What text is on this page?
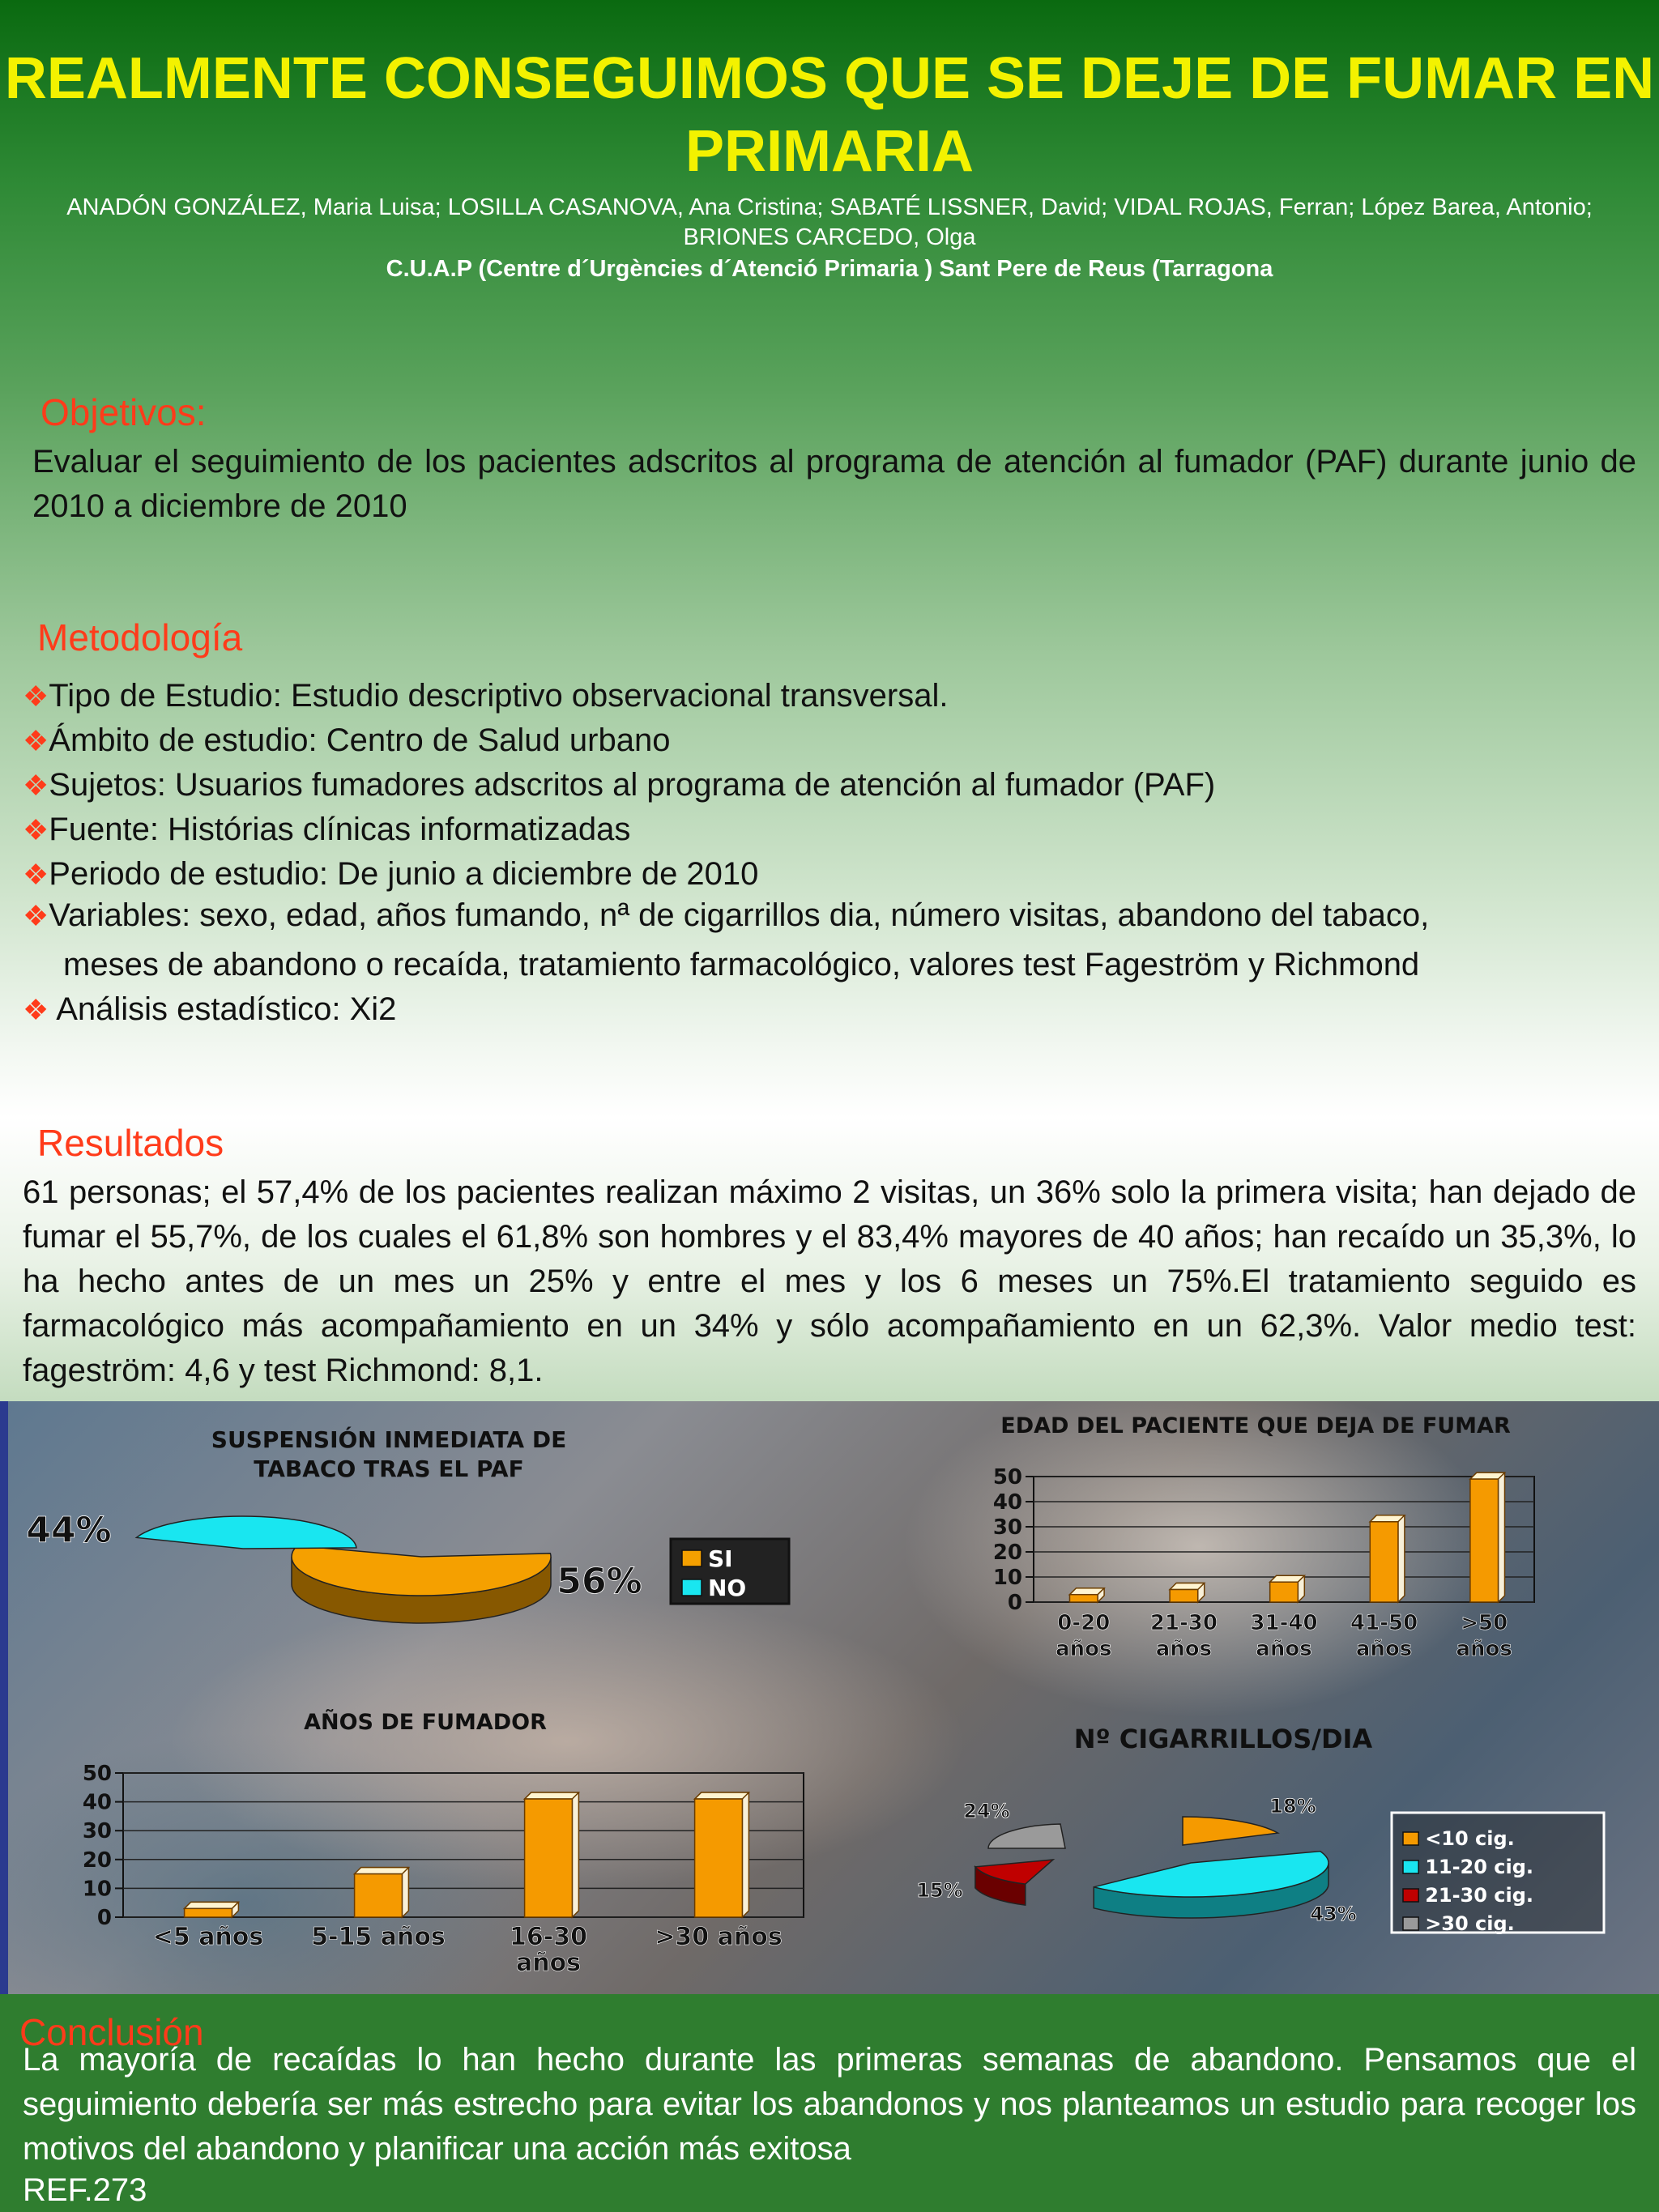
REALMENTE CONSEGUIMOS QUE SE DEJE DE FUMAR EN PRIMARIA
ANADÓN GONZÁLEZ, Maria Luisa; LOSILLA CASANOVA, Ana Cristina; SABATÉ LISSNER, David; VIDAL ROJAS, Ferran; López Barea, Antonio; BRIONES CARCEDO, Olga
C.U.A.P (Centre d´Urgències d´Atenció Primaria ) Sant Pere de Reus (Tarragona
Objetivos:
Evaluar el seguimiento de los pacientes adscritos al programa de atención al fumador (PAF) durante junio de 2010 a diciembre de 2010
Metodología
❖Tipo de Estudio: Estudio descriptivo observacional transversal.
❖Ámbito de estudio: Centro de Salud urbano
❖Sujetos: Usuarios fumadores adscritos al programa de atención al fumador (PAF)
❖Fuente: Histórias clínicas informatizadas
❖Periodo de estudio: De junio a diciembre de 2010
❖Variables: sexo, edad, años fumando, nª de cigarrillos dia, número visitas, abandono del tabaco,
meses de abandono o recaída, tratamiento farmacológico, valores test Fageström y Richmond
❖ Análisis estadístico: Xi2
Resultados
61 personas; el 57,4% de los pacientes realizan máximo 2 visitas, un 36% solo la primera visita; han dejado de fumar el 55,7%, de los cuales el 61,8% son hombres y el 83,4% mayores de 40 años; han recaído un 35,3%, lo ha hecho antes de un mes un 25% y entre el mes y los 6 meses un 75%.El tratamiento seguido es farmacológico más acompañamiento en un 34% y sólo acompañamiento en un 62,3%. Valor medio test: fageström: 4,6 y test Richmond: 8,1.
SUSPENSIÓN INMEDIATA DE
TABACO TRAS EL PAF
56%
44%
SI
NO
EDAD DEL PACIENTE QUE DEJA DE FUMAR
0
10
20
30
40
50
0-20
años
21-30
años
31-40
años
41-50
años
>50
años
AÑOS DE FUMADOR
0
10
20
30
40
50
<5 años 5-15 años	16-30
años
>30 años
Nº CIGARRILLOS/DIA
24%
15%
43%
18%
<10 cig.
11-20 cig.
21-30 cig.
>30 cig.
Conclusión
La mayoría de recaídas lo han hecho durante las primeras semanas de abandono. Pensamos que el seguimiento debería ser más estrecho para evitar los abandonos y nos planteamos un estudio para recoger los motivos del abandono y planificar una acción más exitosa
REF.273
